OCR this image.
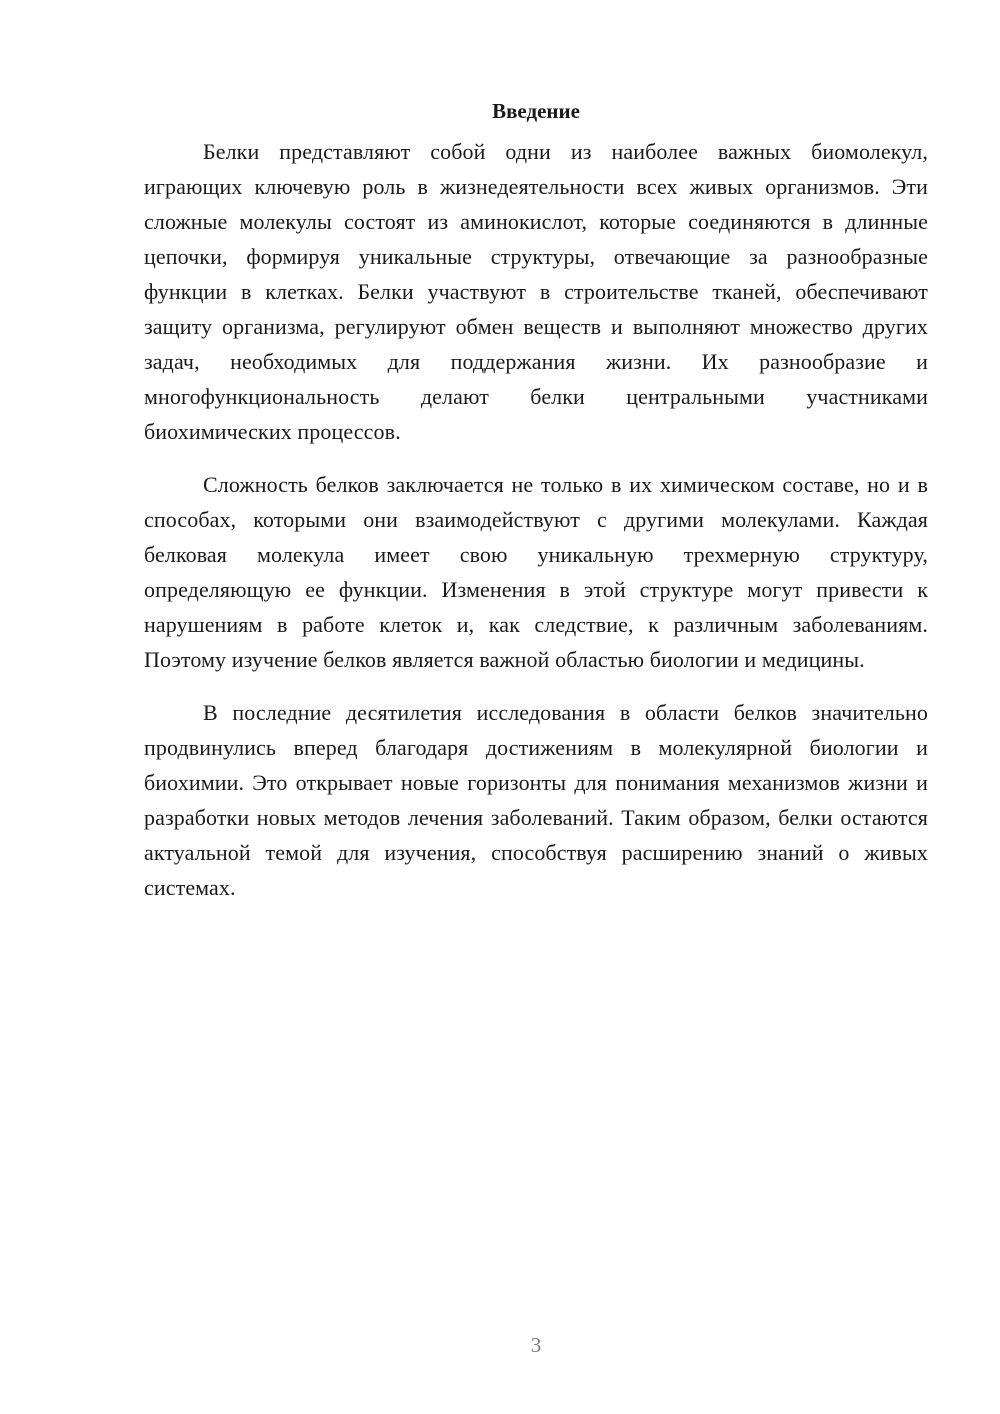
Введение

Белки представляют собой одни из наиболее важных биомолекул, играющих ключевую роль в жизнедеятельности всех живых организмов. Эти сложные молекулы состоят из аминокислот, которые соединяются в длинные цепочки, формируя уникальные структуры, отвечающие за разнообразные функции в клетках. Белки участвуют в строительстве тканей, обеспечивают защиту организма, регулируют обмен веществ и выполняют множество других задач, необходимых для поддержания жизни. Их разнообразие и многофункциональность делают белки центральными участниками биохимических процессов.

Сложность белков заключается не только в их химическом составе, но и в способах, которыми они взаимодействуют с другими молекулами. Каждая белковая молекула имеет свою уникальную трехмерную структуру, определяющую ее функции. Изменения в этой структуре могут привести к нарушениям в работе клеток и, как следствие, к различным заболеваниям. Поэтому изучение белков является важной областью биологии и медицины.

В последние десятилетия исследования в области белков значительно продвинулись вперед благодаря достижениям в молекулярной биологии и биохимии. Это открывает новые горизонты для понимания механизмов жизни и разработки новых методов лечения заболеваний. Таким образом, белки остаются актуальной темой для изучения, способствуя расширению знаний о живых системах.

3
